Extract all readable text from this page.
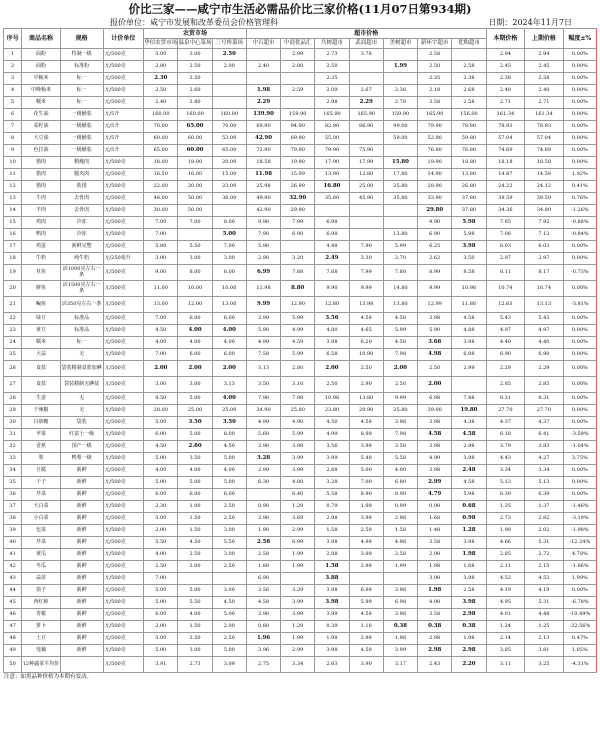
价比三家——咸宁市生活必需品价比三家价格(11月07日第934期)
报价单位：咸宁市发展和改革委员会价格管理科	日期：2024年11月7日
序号	商品名称	规格	计价单位	农贸市场			超市价格							本期价格	上期价格	幅度±%
				华信农贸市场	温泉中心菜场	三号桥菜场	中百超市	中商优品汇	共树超市	武商超市	美树超市	新环宇超市	优购超市			
1	面粉	特制一级	元/500克	3.00	3.00	2.50		2.99	2.73	3.78		2.58		2.94	2.94	0.00%
2	面粉	标准粉	元/500克	2.80	2.50	2.00	2.40	2.80	2.50		1.99	2.50	2.58	2.45	2.45	0.00%
3	早籼米	标一	元/500克	2.30	2.50				2.35			2.35	2.38	2.38	2.38	0.00%
4	中晚籼米	标一	元/500克	2.50	2.60		1.98	2.59	2.09	2.67	2.38	2.18	2.68	2.40	2.40	0.00%
5	粳米	标一	元/500克	2.40	2.80		2.29		2.98	2.29	2.78	3.58	2.58	2.71	2.71	0.00%
6	花生油	一级桶装	元/5升	160.00	160.00	160.00	139.90	159.90	165.90	165.90	159.90	165.90	156.00	161.34	161.34	0.00%
7	菜籽油	一级桶装	元/5升	70.00	65.00	70.00	69.90	94.90	82.90	86.90	99.00	79.90	78.80	78.93	78.93	0.00%
8	大豆油	一级桶装	元/5升	60.00	60.00	53.00	42.90	69.90	55.00		59.00	52.90	59.80	57.04	57.04	0.00%
9	色拉油	一级桶装	元/5升	65.00	60.00	65.00	72.90	79.90	79.90	75.90		76.80	76.80	74.69	74.69	0.00%
10	猪肉	精瘦肉	元/500克	18.00	18.00	20.00	18.58	19.90	17.90	17.99	15.80	19.90	18.80	18.18	18.58	0.00%
11	猪肉	腿夹肉	元/500克	16.50	16.00	15.00	11.98	15.99	13.90	12.80	17.80	14.90	13.80	14.87	14.58	1.92%
12	猪肉	肋排	元/500克	22.00	20.00	23.00	25.98	26.99	16.80	25.00	25.80	28.90	26.80	24.22	24.12	0.41%
13	牛肉	去骨肉	元/500克	48.00	50.00	36.00	49.80	32.90	35.80	45.90	35.80	33.90	37.80	39.59	39.59	0.76%
14	羊肉	去骨肉	元/500克	30.00	50.00		42.90	29.90				29.80	37.80	34.36	34.80	-1.26%
15	鸡肉	冷冻	元/500克	7.00	7.00	8.00	9.98	7.99	6.98			9.90	5.98	7.85	7.92	-0.88%
16	鸭肉	冷冻	元/500克	7.00		5.00	7.98	6.90	6.98		13.80	6.90	5.98	7.06	7.12	-0.84%
17	鸡蛋	新鲜完整	元/500克	5.80	5.50	7.00	5.98		4.48	7.90	5.99	6.25	3.98	6.03	6.03	0.00%
18	牛奶	纯牛奶	元/250毫升	3.00	3.00	3.00	2.98	3.20	2.49	3.30	2.70	2.62	3.50	2.97	2.97	0.00%
19	草鱼	活1000克左右一条	元/500克	9.00	8.00	8.00	6.99	7.88	7.68	7.99	7.80	8.99	8.58	8.11	8.17	-0.73%
20	鲜鱼	活1500克左右一条	元/500克	11.00	10.00	10.00	11.98	8.80	9.90	9.99	14.80	9.99	10.98	10.74	10.74	0.00%
21	鳊鱼	活350克左右一条	元/500克	13.00	12.00	13.00	9.99	12.90	12.80	13.98	13.80	12.99	11.88	12.63	13.13	-3.81%
22	绿豆	标准品	元/500克	7.00	6.00	6.00	3.99	5.99	3.56	4.58	4.58	3.98	4.58	5.43	5.43	0.00%
23	黄豆	标准品	元/500克	4.50	4.00	4.00	5.98	4.99	4.80	4.65	5.99	5.90	4.88	4.97	4.97	0.00%
24	糯米	标一	元/500克	4.00	4.00	4.00	4.99	4.59	3.98	6.20	4.58	3.68	3.98	4.40	4.40	0.00%
25	大蒜	无	元/500克	7.00	6.00	6.00	7.58	5.99	6.58	10.90	7.98	4.98	6.98	6.90	6.90	0.00%
26	食盐	袋装精制食盐加碘	元/500克	2.00	2.00	2.00	3.13	2.80	2.00	2.50	2.00	2.50	2.99	2.29	2.29	0.00%
27	食盐	袋装精制无碘盐	元/500克	3.00	3.00	3.13	3.50	3.10	2.50	2.90	2.50	2.00		2.85	2.85	0.00%
28	生姜	无	元/500克	8.50	5.00	4.00	7.98	7.98	10.98	13.80	9.99	6.98	7.48	8.31	8.31	0.00%
29	干辣椒	无	元/500克	28.00	25.00	25.00	34.90	25.80	23.80	29.90	25.80	39.00	19.80	27.70	27.70	0.00%
30	白砂糖	袋装	元/500克	5.00	3.50	3.50	4.99	4.90	4.50	4.58	3.98	3.98	4.38	4.37	4.37	0.00%
31	苹果	红富士一级	元/500克	6.00	5.00	8.00	5.68	5.99	4.99	8.98	7.98	4.58	4.58	6.18	6.41	-3.59%
32	香蕉	国产一级	元/500克	4.50	2.80	4.50	3.98	3.98	3.56	3.98	3.58	3.98	2.98	3.79	3.83	-1.04%
33	梨	鸭梨一级	元/500克	5.00	3.50	5.00	3.28	3.99	3.99	5.48	5.58	4.99	3.98	4.43	4.27	3.75%
34	豆腐	新鲜	元/500克	4.00	4.00	4.00	2.99	3.99	2.68	5.00	4.00	3.98	2.48	3.34	3.34	0.00%
35	干子	新鲜	元/500克	5.00	5.00	5.00	6.30	4.80	3.28	7.00	6.80	2.99	4.58	5.13	5.13	0.00%
36	芹菜	新鲜	元/500克	6.00	6.00	6.00		6.40	5.58	8.90	8.90	4.79	5.98	6.39	6.39	0.00%
37	大白菜	新鲜	元/500克	2.30	1.00	2.50	0.98	1.29	0.79	1.98	0.99	0.98	0.68	1.35	1.37	-1.46%
38	小白菜	新鲜	元/500克	3.00	1.50	2.50	3.98	3.69	2.98	3.98	2.98	1.68	0.98	2.73	2.82	-3.19%
39	包菜	新鲜	元/500克	2.00	1.50	3.00	1.98	2.99	1.58	2.58	1.58	1.48	1.28	1.98	2.02	-1.98%
40	芹菜	新鲜	元/500克	5.50	4.50	5.50	2.58	6.99	3.98	4.98	4.98	3.58	3.98	4.66	5.31	-12.24%
41	黄瓜	新鲜	元/500克	4.00	2.50	3.00	2.58	1.99	2.88	3.98	2.58	2.98	1.98	2.85	2.72	4.78%
42	冬瓜	新鲜	元/500克	2.50	2.00	2.50	1.88	1.99	1.58	2.98	1.99	1.98	1.68	2.11	2.15	-1.86%
43	蒜苗	新鲜	元/500克	7.00			6.98		3.88			3.98	3.98	4.52	4.53	1.99%
44	茄子	新鲜	元/500克	5.00	5.00	3.00	3.56	3.29	3.98	6.98	3.98	1.98	2.58	4.19	4.19	0.00%
45	西红柿	新鲜	元/500克	5.00	5.50	4.50	4.58	3.99	3.98	5.99	6.98	4.98	3.98	4.95	5.31	-6.78%
46	青椒	新鲜	元/500克	6.00	4.00	5.00	3.98	3.99	3.99	4.58	3.98	3.58	2.98	4.01	4.48	-10.49%
47	萝卜	新鲜	元/500克	2.00	1.50	2.00	0.88	1.29	0.39	1.18	0.38	0.38	0.38	1.24	1.25	-22.56%
48	土豆	新鲜	元/500克	3.00	2.50	2.50	1.96	1.99	1.98	2.98	1.98	2.98	1.98	2.14	2.13	0.47%
49	莲藕	新鲜	元/500克	5.00	3.00	5.00	3.96	2.99	3.98	4.58	3.99	2.98	2.98	3.85	3.81	1.05%
50	12种蔬菜平均价		元/500克	3.91	2.73	3.09	2.75	3.34	2.63	3.90	3.17	2.43	2.20	3.11	3.25	-4.31%
注意：如黑品种价格为本期有变动。
